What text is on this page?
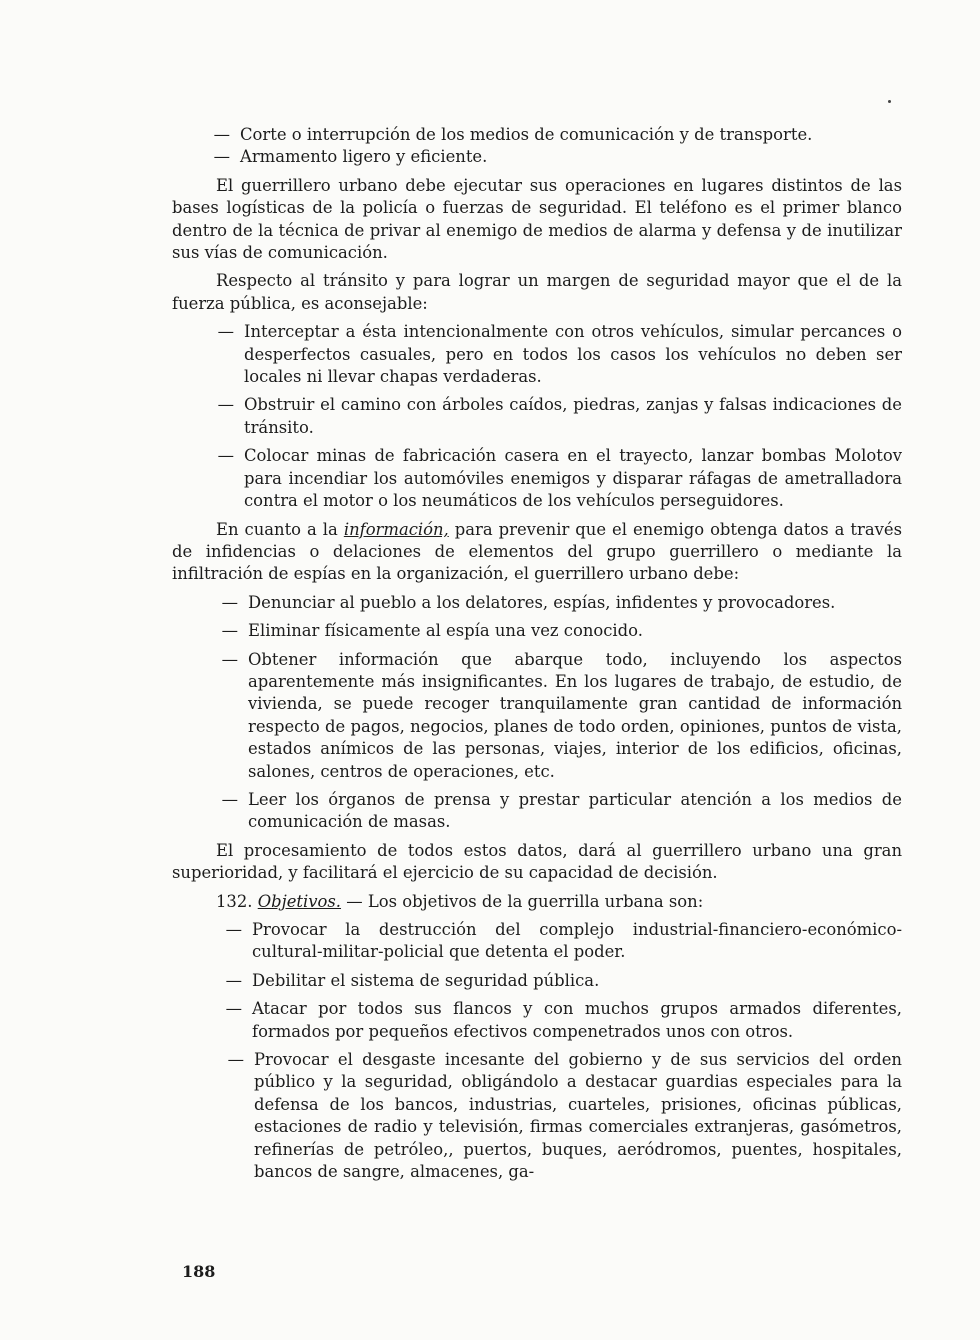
— Corte o interrupción de los medios de comunicación y de transporte.
— Armamento ligero y eficiente.

El guerrillero urbano debe ejecutar sus operaciones en lugares distintos de las bases logísticas de la policía o fuerzas de seguridad. El teléfono es el primer blanco dentro de la técnica de privar al enemigo de medios de alarma y defensa y de inutilizar sus vías de comunicación.

Respecto al tránsito y para lograr un margen de seguridad mayor que el de la fuerza pública, es aconsejable:

— Interceptar a ésta intencionalmente con otros vehículos, simular percances o desperfectos casuales, pero en todos los casos los vehículos no deben ser locales ni llevar chapas verdaderas.
— Obstruir el camino con árboles caídos, piedras, zanjas y falsas indicaciones de tránsito.
— Colocar minas de fabricación casera en el trayecto, lanzar bombas Molotov para incendiar los automóviles enemigos y disparar ráfagas de ametralladora contra el motor o los neumáticos de los vehículos perseguidores.

En cuanto a la información, para prevenir que el enemigo obtenga datos a través de infidencias o delaciones de elementos del grupo guerrillero o mediante la infiltración de espías en la organización, el guerrillero urbano debe:

— Denunciar al pueblo a los delatores, espías, infidentes y provocadores.
— Eliminar físicamente al espía una vez conocido.
— Obtener información que abarque todo, incluyendo los aspectos aparentemente más insignificantes. En los lugares de trabajo, de estudio, de vivienda, se puede recoger tranquilamente gran cantidad de información respecto de pagos, negocios, planes de todo orden, opiniones, puntos de vista, estados anímicos de las personas, viajes, interior de los edificios, oficinas, salones, centros de operaciones, etc.
— Leer los órganos de prensa y prestar particular atención a los medios de comunicación de masas.

El procesamiento de todos estos datos, dará al guerrillero urbano una gran superioridad, y facilitará el ejercicio de su capacidad de decisión.

132. Objetivos. — Los objetivos de la guerrilla urbana son:

— Provocar la destrucción del complejo industrial-financiero-económico-cultural-militar-policial que detenta el poder.
— Debilitar el sistema de seguridad pública.
— Atacar por todos sus flancos y con muchos grupos armados diferentes, formados por pequeños efectivos compenetrados unos con otros.
— Provocar el desgaste incesante del gobierno y de sus servicios del orden público y la seguridad, obligándolo a destacar guardias especiales para la defensa de los bancos, industrias, cuarteles, prisiones, oficinas públicas, estaciones de radio y televisión, firmas comerciales extranjeras, gasómetros, refinerías de petróleo,, puertos, buques, aeródromos, puentes, hospitales, bancos de sangre, almacenes, ga-
188
